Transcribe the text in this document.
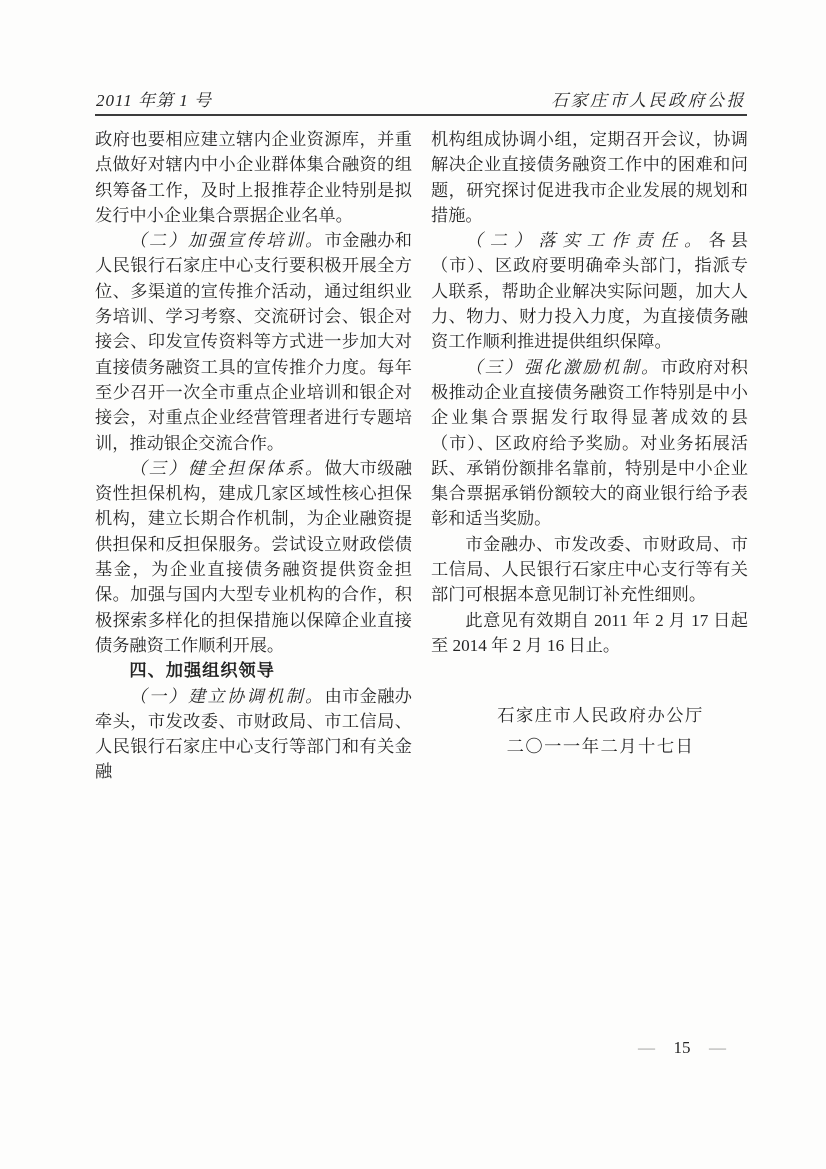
2011 年第 1 号	石家庄市人民政府公报

政府也要相应建立辖内企业资源库，并重点做好对辖内中小企业群体集合融资的组织筹备工作，及时上报推荐企业特别是拟发行中小企业集合票据企业名单。

（二）加强宣传培训。市金融办和人民银行石家庄中心支行要积极开展全方位、多渠道的宣传推介活动，通过组织业务培训、学习考察、交流研讨会、银企对接会、印发宣传资料等方式进一步加大对直接债务融资工具的宣传推介力度。每年至少召开一次全市重点企业培训和银企对接会，对重点企业经营管理者进行专题培训，推动银企交流合作。

（三）健全担保体系。做大市级融资性担保机构，建成几家区域性核心担保机构，建立长期合作机制，为企业融资提供担保和反担保服务。尝试设立财政偿债基金，为企业直接债务融资提供资金担保。加强与国内大型专业机构的合作，积极探索多样化的担保措施以保障企业直接债务融资工作顺利开展。

四、加强组织领导

（一）建立协调机制。由市金融办牵头，市发改委、市财政局、市工信局、人民银行石家庄中心支行等部门和有关金融

机构组成协调小组，定期召开会议，协调解决企业直接债务融资工作中的困难和问题，研究探讨促进我市企业发展的规划和措施。

（二）落实工作责任。各县（市）、区政府要明确牵头部门，指派专人联系，帮助企业解决实际问题，加大人力、物力、财力投入力度，为直接债务融资工作顺利推进提供组织保障。

（三）强化激励机制。市政府对积极推动企业直接债务融资工作特别是中小企业集合票据发行取得显著成效的县（市）、区政府给予奖励。对业务拓展活跃、承销份额排名靠前，特别是中小企业集合票据承销份额较大的商业银行给予表彰和适当奖励。

市金融办、市发改委、市财政局、市工信局、人民银行石家庄中心支行等有关部门可根据本意见制订补充性细则。

此意见有效期自 2011 年 2 月 17 日起至 2014 年 2 月 16 日止。

石家庄市人民政府办公厅

二〇一一年二月十七日

— 15 —
